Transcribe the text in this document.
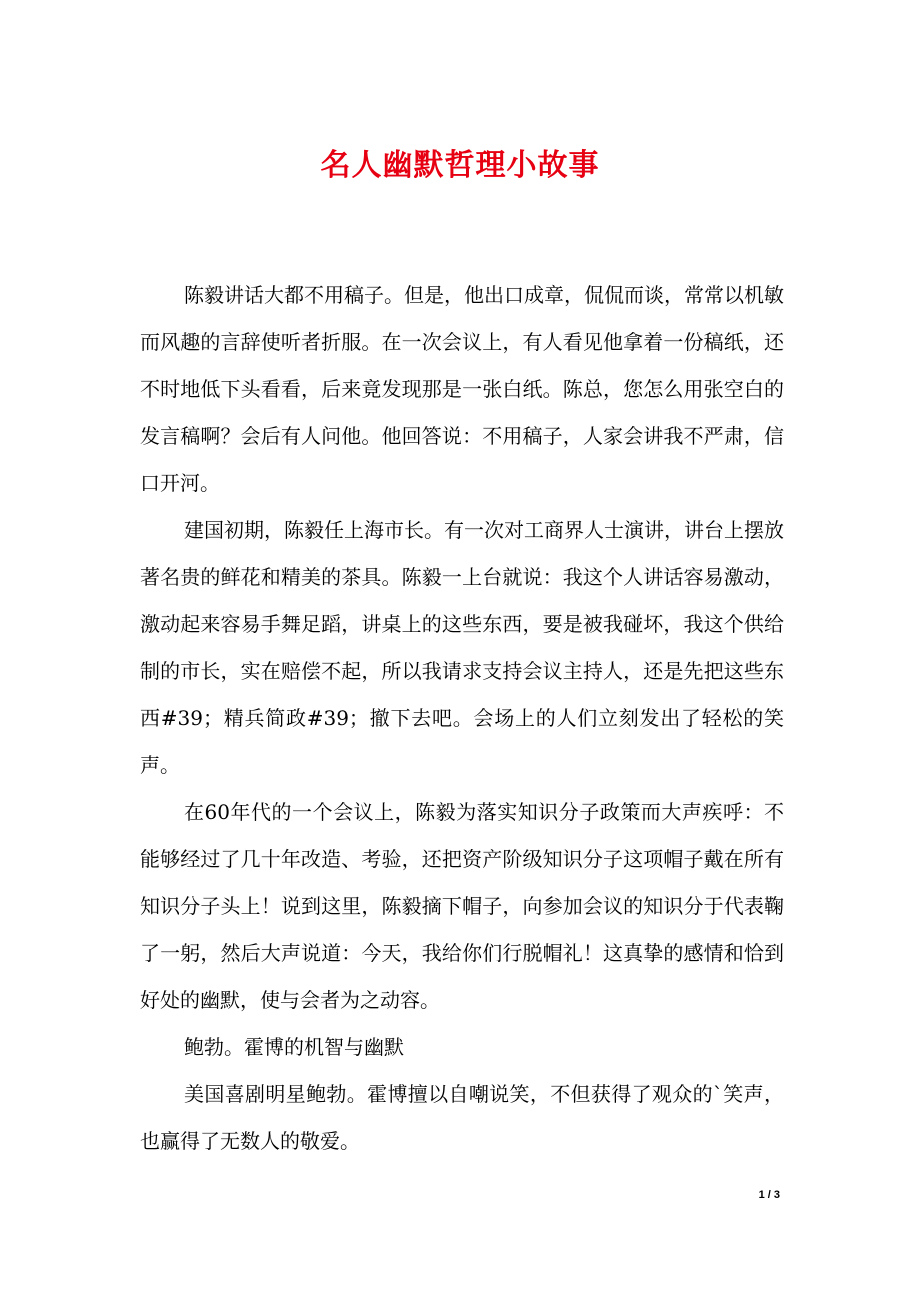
名人幽默哲理小故事

陈毅讲话大都不用稿子。但是，他出口成章，侃侃而谈，常常以机敏而风趣的言辞使听者折服。在一次会议上，有人看见他拿着一份稿纸，还不时地低下头看看，后来竟发现那是一张白纸。陈总，您怎么用张空白的发言稿啊？会后有人问他。他回答说：不用稿子，人家会讲我不严肃，信口开河。

建国初期，陈毅任上海市长。有一次对工商界人士演讲，讲台上摆放著名贵的鲜花和精美的茶具。陈毅一上台就说：我这个人讲话容易激动，激动起来容易手舞足蹈，讲桌上的这些东西，要是被我碰坏，我这个供给制的市长，实在赔偿不起，所以我请求支持会议主持人，还是先把这些东西#39；精兵简政#39；撤下去吧。会场上的人们立刻发出了轻松的笑声。

在60年代的一个会议上，陈毅为落实知识分子政策而大声疾呼：不能够经过了几十年改造、考验，还把资产阶级知识分子这项帽子戴在所有知识分子头上！说到这里，陈毅摘下帽子，向参加会议的知识分于代表鞠了一躬，然后大声说道：今天，我给你们行脱帽礼！这真挚的感情和恰到好处的幽默，使与会者为之动容。

鲍勃。霍博的机智与幽默

美国喜剧明星鲍勃。霍博擅以自嘲说笑，不但获得了观众的`笑声，也赢得了无数人的敬爱。

1 / 3
